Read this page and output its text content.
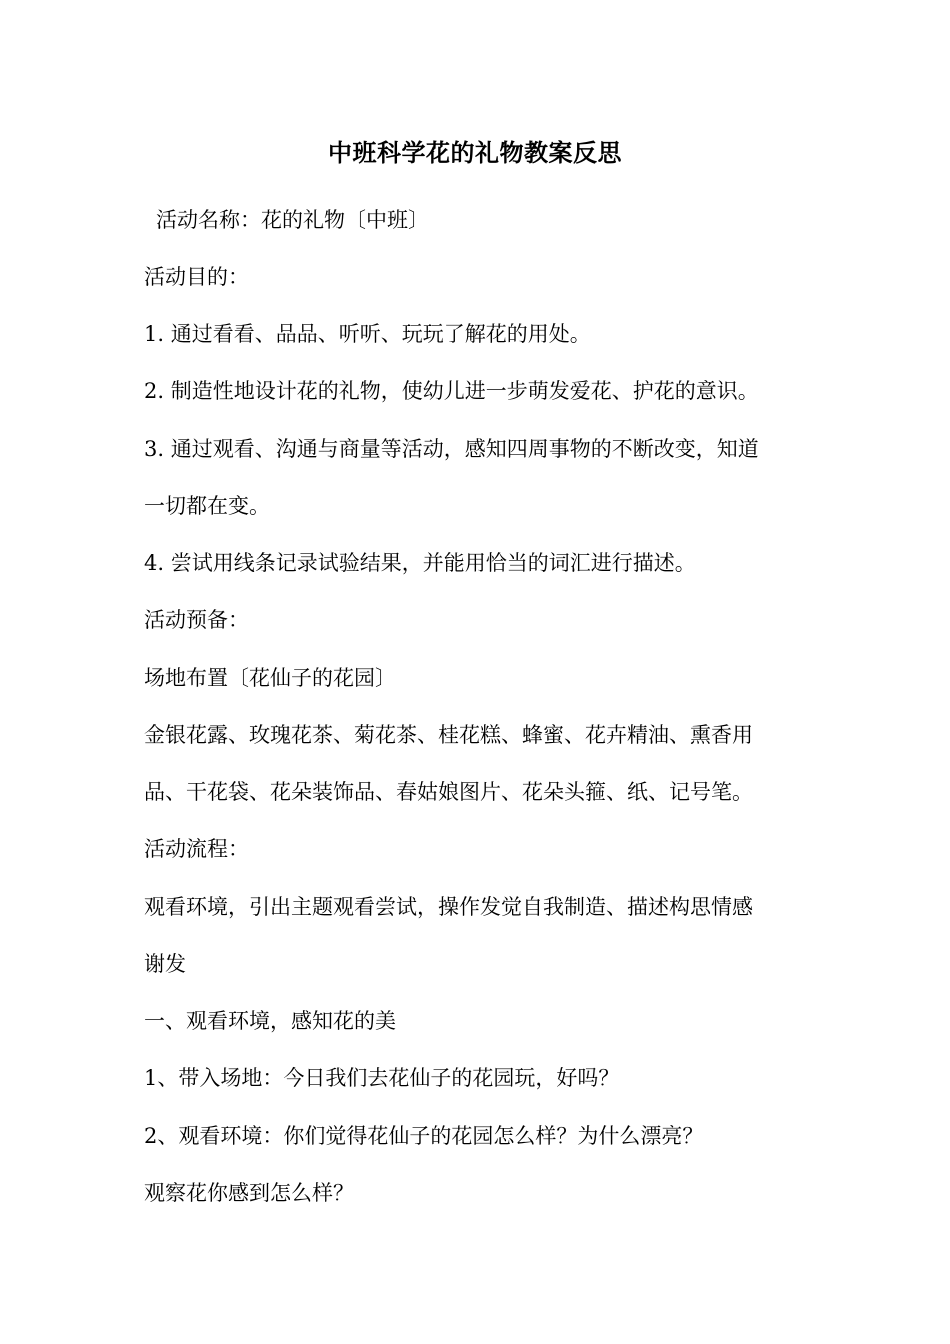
中班科学花的礼物教案反思
活动名称：花的礼物〔中班〕
活动目的：
1. 通过看看、品品、听听、玩玩了解花的用处。
2. 制造性地设计花的礼物，使幼儿进一步萌发爱花、护花的意识。
3. 通过观看、沟通与商量等活动，感知四周事物的不断改变，知道
一切都在变。
4. 尝试用线条记录试验结果，并能用恰当的词汇进行描述。
活动预备：
场地布置〔花仙子的花园〕
金银花露、玫瑰花茶、菊花茶、桂花糕、蜂蜜、花卉精油、熏香用
品、干花袋、花朵装饰品、春姑娘图片、花朵头箍、纸、记号笔。
活动流程：
观看环境，引出主题观看尝试，操作发觉自我制造、描述构思情感
谢发
一、观看环境，感知花的美
1、带入场地：今日我们去花仙子的花园玩，好吗？
2、观看环境：你们觉得花仙子的花园怎么样？为什么漂亮？
观察花你感到怎么样？
